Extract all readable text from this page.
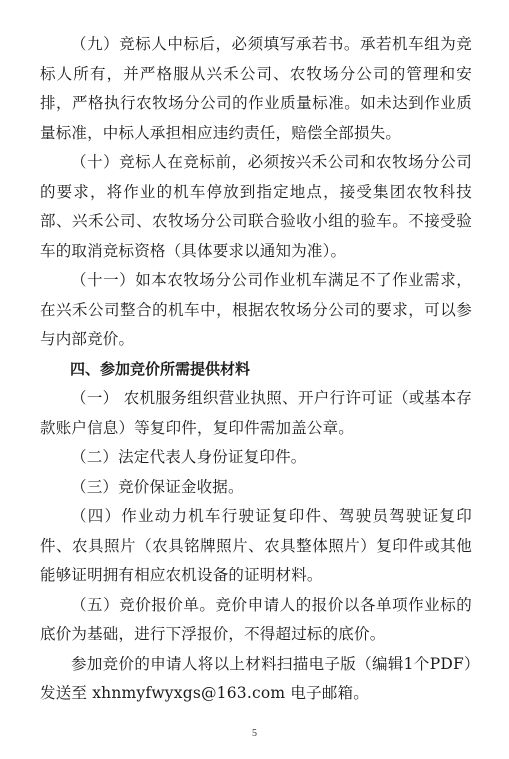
（九）竞标人中标后，必须填写承若书。承若机车组为竞标人所有，并严格服从兴禾公司、农牧场分公司的管理和安排，严格执行农牧场分公司的作业质量标准。如未达到作业质量标准，中标人承担相应违约责任，赔偿全部损失。

（十）竞标人在竞标前，必须按兴禾公司和农牧场分公司的要求，将作业的机车停放到指定地点，接受集团农牧科技部、兴禾公司、农牧场分公司联合验收小组的验车。不接受验车的取消竞标资格（具体要求以通知为准）。

（十一）如本农牧场分公司作业机车满足不了作业需求，在兴禾公司整合的机车中，根据农牧场分公司的要求，可以参与内部竞价。

四、参加竞价所需提供材料

（一） 农机服务组织营业执照、开户行许可证（或基本存款账户信息）等复印件，复印件需加盖公章。

（二）法定代表人身份证复印件。

（三）竞价保证金收据。

（四）作业动力机车行驶证复印件、驾驶员驾驶证复印件、农具照片（农具铭牌照片、农具整体照片）复印件或其他能够证明拥有相应农机设备的证明材料。

（五）竞价报价单。竞价申请人的报价以各单项作业标的底价为基础，进行下浮报价，不得超过标的底价。

参加竞价的申请人将以上材料扫描电子版（编辑1个PDF）发送至 xhnmyfwyxgs@163.com 电子邮箱。

5
